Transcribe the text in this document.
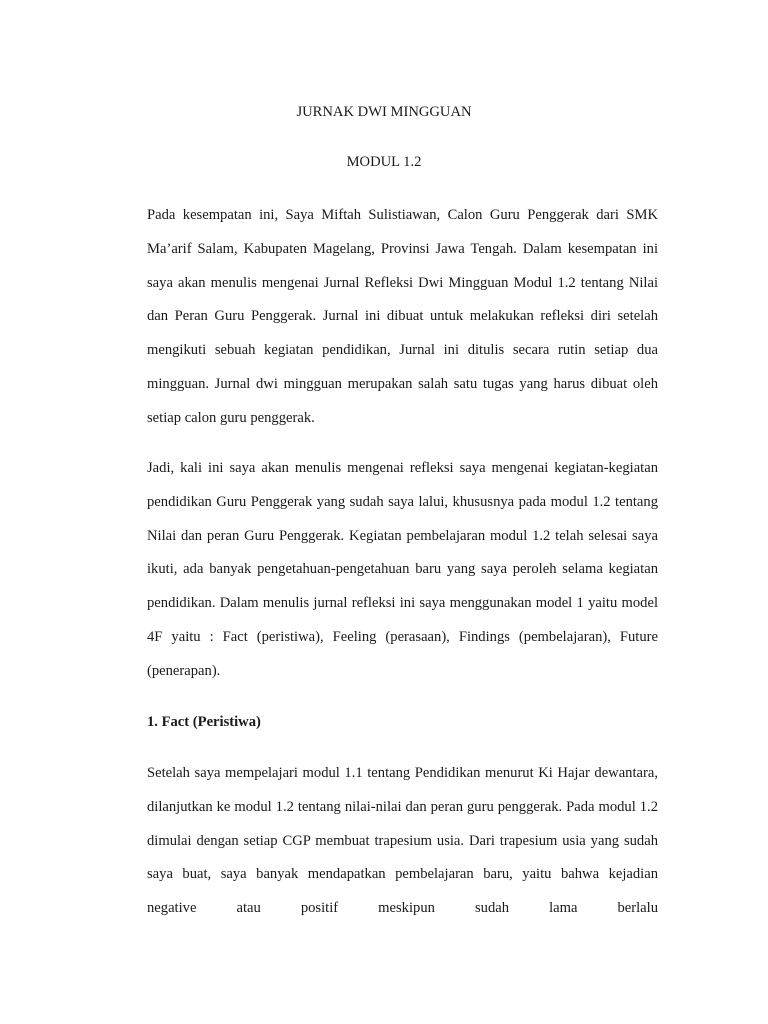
JURNAK DWI MINGGUAN
MODUL 1.2

Pada kesempatan ini, Saya Miftah Sulistiawan, Calon Guru Penggerak dari SMK Ma’arif Salam, Kabupaten Magelang, Provinsi Jawa Tengah. Dalam kesempatan ini saya akan menulis mengenai Jurnal Refleksi Dwi Mingguan Modul 1.2 tentang Nilai dan Peran Guru Penggerak. Jurnal ini dibuat untuk melakukan refleksi diri setelah mengikuti sebuah kegiatan pendidikan, Jurnal ini ditulis secara rutin setiap dua mingguan. Jurnal dwi mingguan merupakan salah satu tugas yang harus dibuat oleh setiap calon guru penggerak.

Jadi, kali ini saya akan menulis mengenai refleksi saya mengenai kegiatan-kegiatan pendidikan Guru Penggerak yang sudah saya lalui, khususnya pada modul 1.2 tentang Nilai dan peran Guru Penggerak. Kegiatan pembelajaran modul 1.2 telah selesai saya ikuti, ada banyak pengetahuan-pengetahuan baru yang saya peroleh selama kegiatan pendidikan. Dalam menulis jurnal refleksi ini saya menggunakan model 1 yaitu model 4F yaitu : Fact (peristiwa), Feeling (perasaan), Findings (pembelajaran), Future (penerapan).

1. Fact (Peristiwa)

Setelah saya mempelajari modul 1.1 tentang Pendidikan menurut Ki Hajar dewantara, dilanjutkan ke modul 1.2 tentang nilai-nilai dan peran guru penggerak. Pada modul 1.2 dimulai dengan setiap CGP membuat trapesium usia. Dari trapesium usia yang sudah saya buat, saya banyak mendapatkan pembelajaran baru, yaitu bahwa kejadian negative atau positif meskipun sudah lama berlalu
